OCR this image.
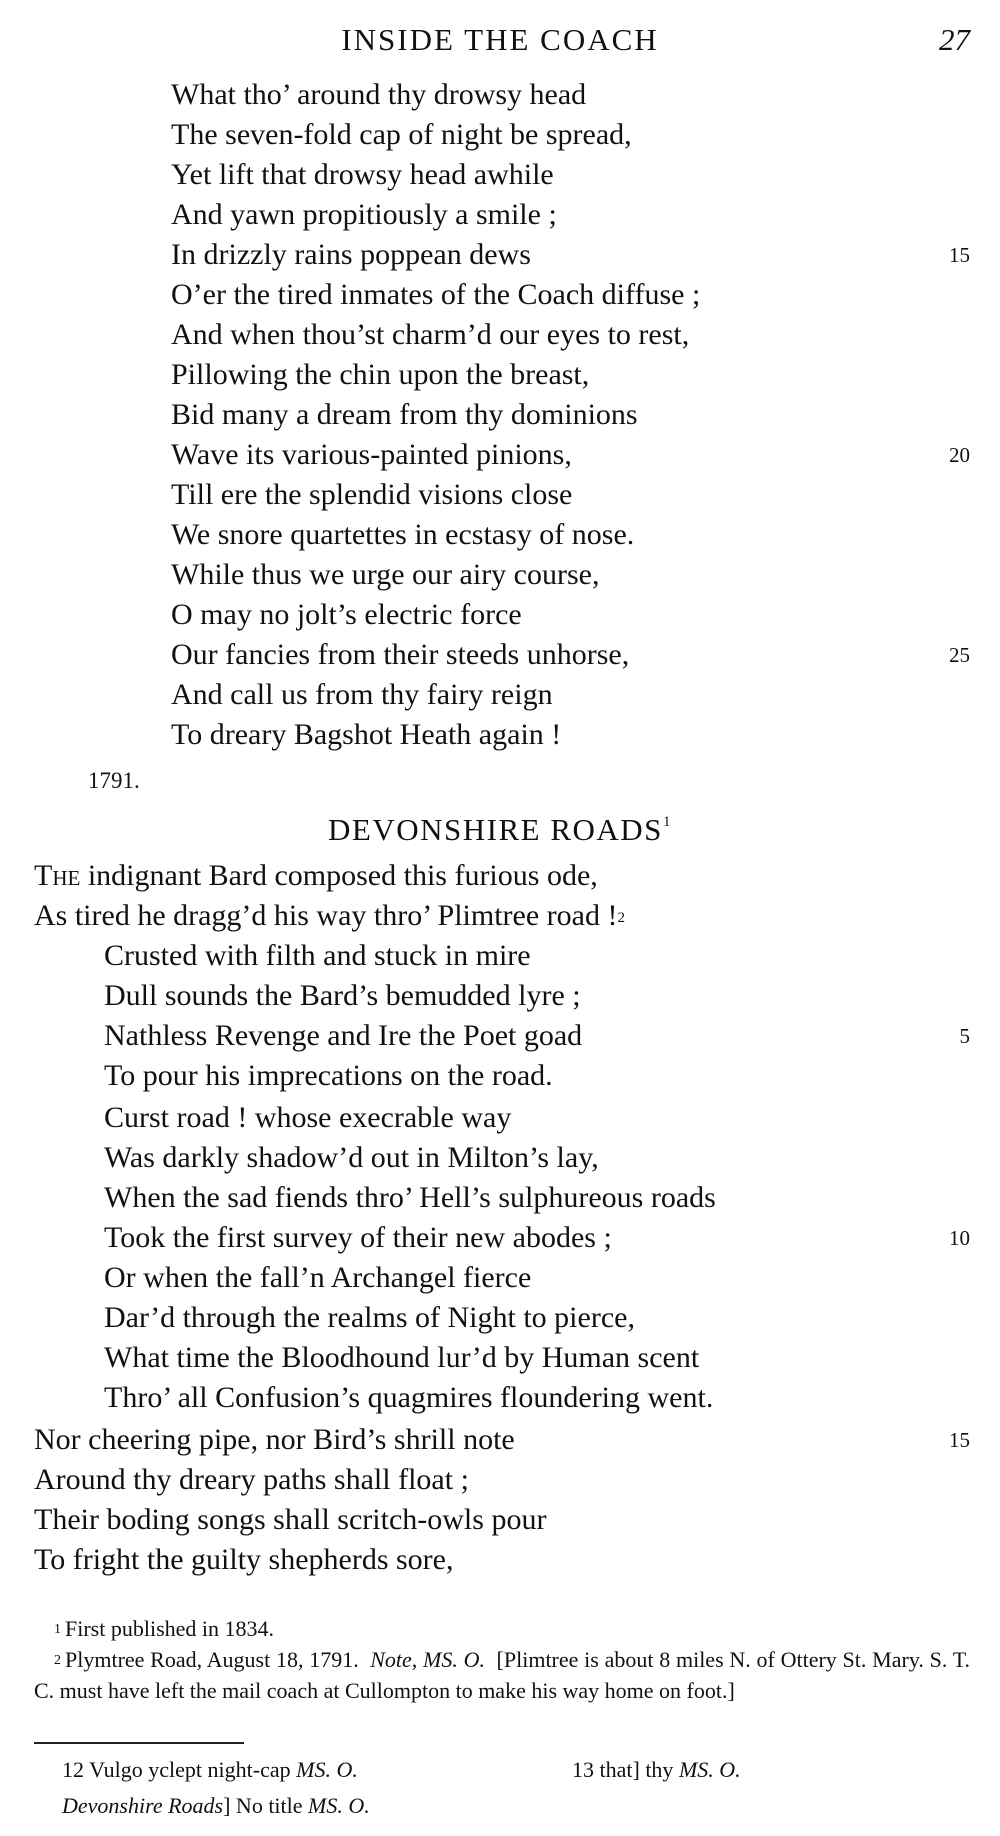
INSIDE THE COACH	27
What tho’ around thy drowsy head
The seven-fold cap of night be spread,
Yet lift that drowsy head awhile
And yawn propitiously a smile ;
In drizzly rains poppean dews	15
O’er the tired inmates of the Coach diffuse ;
And when thou’st charm’d our eyes to rest,
Pillowing the chin upon the breast,
Bid many a dream from thy dominions
Wave its various-painted pinions,	20
Till ere the splendid visions close
We snore quartettes in ecstasy of nose.
While thus we urge our airy course,
O may no jolt’s electric force
Our fancies from their steeds unhorse,	25
And call us from thy fairy reign
To dreary Bagshot Heath again !
1791.
DEVONSHIRE ROADS$^1$
The indignant Bard composed this furious ode,
As tired he dragg’d his way thro’ Plimtree road !$^2$
Crusted with filth and stuck in mire
Dull sounds the Bard’s bemudded lyre ;
Nathless Revenge and Ire the Poet goad	5
To pour his imprecations on the road.
Curst road ! whose execrable way
Was darkly shadow’d out in Milton’s lay,
When the sad fiends thro’ Hell’s sulphureous roads
Took the first survey of their new abodes ;	10
Or when the fall’n Archangel fierce
Dar’d through the realms of Night to pierce,
What time the Bloodhound lur’d by Human scent
Thro’ all Confusion’s quagmires floundering went.
Nor cheering pipe, nor Bird’s shrill note	15
Around thy dreary paths shall float ;
Their boding songs shall scritch-owls pour
To fright the guilty shepherds sore,
$^1$ First published in 1834.
$^2$ Plymtree Road, August 18, 1791. Note, MS. O. [Plimtree is about 8 miles N. of Ottery St. Mary. S. T. C. must have left the mail coach at Cullompton to make his way home on foot.]
12 Vulgo yclept night-cap MS. O.	13 that] thy MS. O.
Devonshire Roads] No title MS. O.
